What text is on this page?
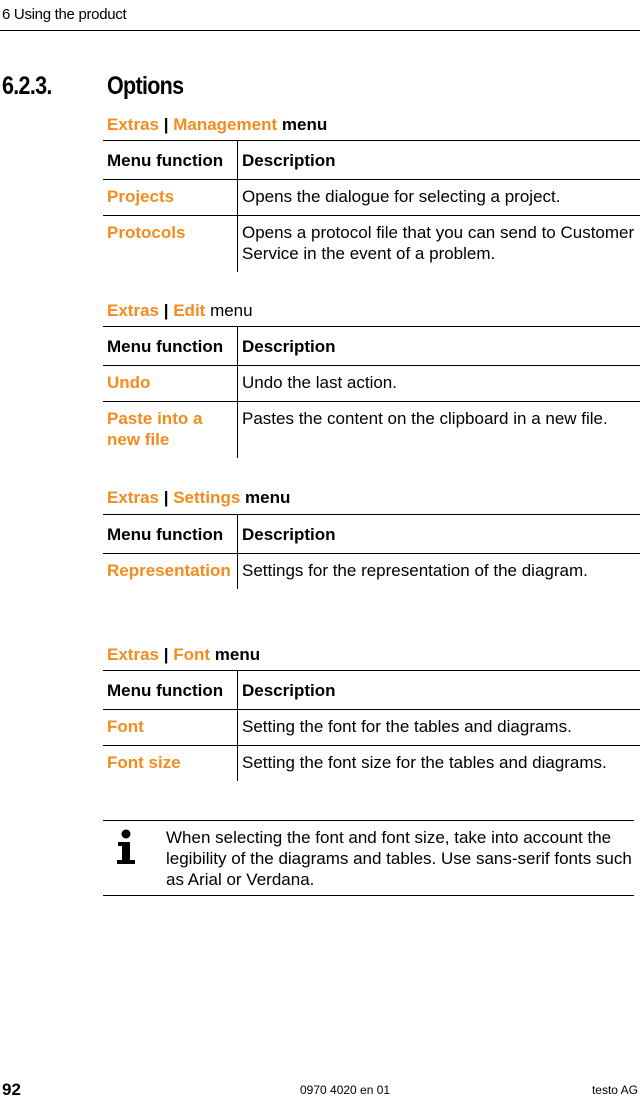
6 Using the product
6.2.3. Options
Extras | Management menu
Menu function	Description
Projects	Opens the dialogue for selecting a project.
Protocols	Opens a protocol file that you can send to Customer Service in the event of a problem.
Extras | Edit menu
Menu function	Description
Undo	Undo the last action.
Paste into a new file	Pastes the content on the clipboard in a new file.
Extras | Settings menu
Menu function	Description
Representation	Settings for the representation of the diagram.
Extras | Font menu
Menu function	Description
Font	Setting the font for the tables and diagrams.
Font size	Setting the font size for the tables and diagrams.
When selecting the font and font size, take into account the legibility of the diagrams and tables. Use sans-serif fonts such as Arial or Verdana.
92	0970 4020 en 01	testo AG
